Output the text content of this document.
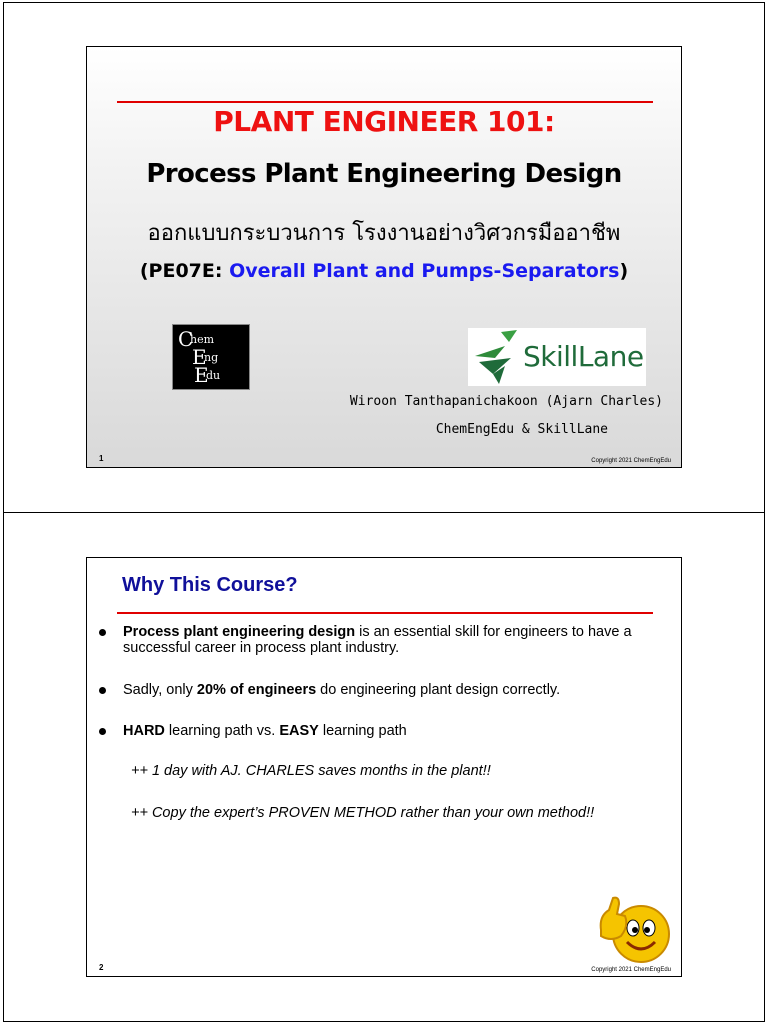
PLANT ENGINEER 101:
Process Plant Engineering Design
ออกแบบกระบวนการ โรงงานอย่างวิศวกรมืออาชีพ
(PE07E: Overall Plant and Pumps-Separators)
C
hem
E
ng
E
du
SkillLane
Wiroon Tanthapanichakoon (Ajarn Charles)
ChemEngEdu & SkillLane
1	Copyright 2021 ChemEngEdu
Why This Course?
Process plant engineering design is an essential skill for engineers to have a successful career in process plant industry.
Sadly, only 20% of engineers do engineering plant design correctly.
HARD learning path vs. EASY learning path
++ 1 day with AJ. CHARLES saves months in the plant!!
++ Copy the expert’s PROVEN METHOD rather than your own method!!
2	Copyright 2021 ChemEngEdu
